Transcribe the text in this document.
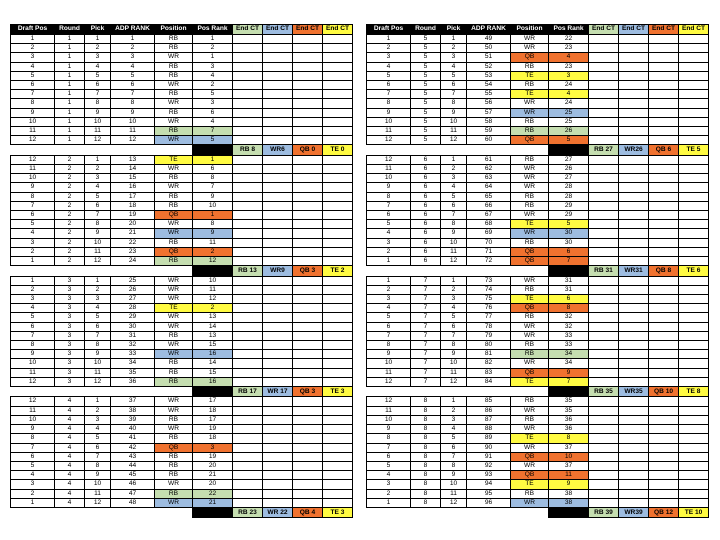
Draft Pos	Round	Pick	ADP RANK	Position	Pos Rank	End CT	End CT	End CT	End CT
1	1	1	1	RB	1				
2	1	2	2	RB	2				
3	1	3	3	WR	1				
4	1	4	4	RB	3				
5	1	5	5	RB	4				
6	1	6	6	WR	2				
7	1	7	7	RB	5				
8	1	8	8	WR	3				
9	1	9	9	RB	6				
10	1	10	10	WR	4				
11	1	11	11	RB	7				
12	1	12	12	WR	5				
						RB 8	WR6	QB 0	TE 0
12	2	1	13	TE	1				
11	2	2	14	WR	6				
10	2	3	15	RB	8				
9	2	4	16	WR	7				
8	2	5	17	RB	9				
7	2	6	18	RB	10				
6	2	7	19	QB	1				
5	2	8	20	WR	8				
4	2	9	21	WR	9				
3	2	10	22	RB	11				
2	2	11	23	QB	2				
1	2	12	24	RB	12				
						RB 13	WR9	QB 3	TE 2
1	3	1	25	WR	10				
2	3	2	26	WR	11				
3	3	3	27	WR	12				
4	3	4	28	TE	2				
5	3	5	29	WR	13				
6	3	6	30	WR	14				
7	3	7	31	RB	13				
8	3	8	32	WR	15				
9	3	9	33	WR	16				
10	3	10	34	RB	14				
11	3	11	35	RB	15				
12	3	12	36	RB	16				
						RB 17	WR 17	QB 3	TE 3
12	4	1	37	WR	17				
11	4	2	38	WR	18				
10	4	3	39	RB	17				
9	4	4	40	WR	19				
8	4	5	41	RB	18				
7	4	6	42	QB	3				
6	4	7	43	RB	19				
5	4	8	44	RB	20				
4	4	9	45	RB	21				
3	4	10	46	WR	20				
2	4	11	47	RB	22				
1	4	12	48	WR	21				
						RB 23	WR 22	QB 4	TE 3
Draft Pos	Round	Pick	ADP RANK	Position	Pos Rank	End CT	End CT	End CT	End CT
1	5	1	49	WR	22				
2	5	2	50	WR	23				
3	5	3	51	QB	4				
4	5	4	52	RB	23				
5	5	5	53	TE	3				
6	5	6	54	RB	24				
7	5	7	55	TE	4				
8	5	8	56	WR	24				
9	5	9	57	WR	25				
10	5	10	58	RB	25				
11	5	11	59	RB	26				
12	5	12	60	QB	5				
						RB 27	WR26	QB 6	TE 5
12	6	1	61	RB	27				
11	6	2	62	WR	26				
10	6	3	63	WR	27				
9	6	4	64	WR	28				
8	6	5	65	RB	28				
7	6	6	66	RB	29				
6	6	7	67	WR	29				
5	6	8	68	TE	5				
4	6	9	69	WR	30				
3	6	10	70	RB	30				
2	6	11	71	QB	6				
1	6	12	72	QB	7				
						RB 31	WR31	QB 8	TE 6
1	7	1	73	WR	31				
2	7	2	74	RB	31				
3	7	3	75	TE	6				
4	7	4	76	QB	8				
5	7	5	77	RB	32				
6	7	6	78	WR	32				
7	7	7	79	WR	33				
8	7	8	80	RB	33				
9	7	9	81	RB	34				
10	7	10	82	WR	34				
11	7	11	83	QB	9				
12	7	12	84	TE	7				
						RB 35	WR35	QB 10	TE 8
12	8	1	85	RB	35				
11	8	2	86	WR	35				
10	8	3	87	RB	36				
9	8	4	88	WR	36				
8	8	5	89	TE	8				
7	8	6	90	WR	37				
6	8	7	91	QB	10				
5	8	8	92	WR	37				
4	8	9	93	QB	11				
3	8	10	94	TE	9				
2	8	11	95	RB	38				
1	8	12	96	WR	38				
						RB 39	WR39	QB 12	TE 10
